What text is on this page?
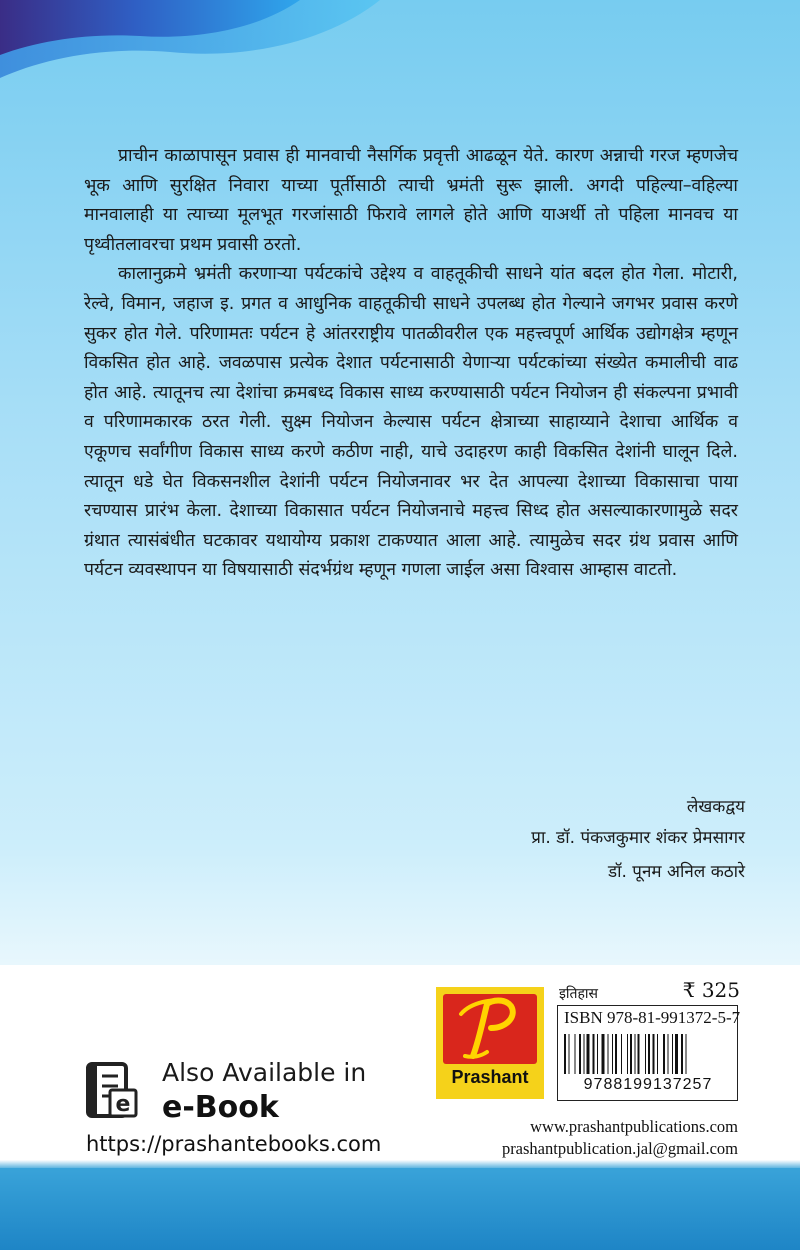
प्राचीन काळापासून प्रवास ही मानवाची नैसर्गिक प्रवृत्ती आढळून येते. कारण अन्नाची गरज म्हणजेच भूक आणि सुरक्षित निवारा याच्या पूर्तीसाठी त्याची भ्रमंती सुरू झाली. अगदी पहिल्या–वहिल्या मानवालाही या त्याच्या मूलभूत गरजांसाठी फिरावे लागले होते आणि याअर्थी तो पहिला मानवच या पृथ्वीतलावरचा प्रथम प्रवासी ठरतो.

कालानुक्रमे भ्रमंती करणाऱ्या पर्यटकांचे उद्देश्य व वाहतूकीची साधने यांत बदल होत गेला. मोटारी, रेल्वे, विमान, जहाज इ. प्रगत व आधुनिक वाहतूकीची साधने उपलब्ध होत गेल्याने जगभर प्रवास करणे सुकर होत गेले. परिणामतः पर्यटन हे आंतरराष्ट्रीय पातळीवरील एक महत्त्वपूर्ण आर्थिक उद्योगक्षेत्र म्हणून विकसित होत आहे. जवळपास प्रत्येक देशात पर्यटनासाठी येणाऱ्या पर्यटकांच्या संख्येत कमालीची वाढ होत आहे. त्यातूनच त्या देशांचा क्रमबध्द विकास साध्य करण्यासाठी पर्यटन नियोजन ही संकल्पना प्रभावी व परिणामकारक ठरत गेली. सुक्ष्म नियोजन केल्यास पर्यटन क्षेत्राच्या साहाय्याने देशाचा आर्थिक व एकूणच सर्वांगीण विकास साध्य करणे कठीण नाही, याचे उदाहरण काही विकसित देशांनी घालून दिले. त्यातून धडे घेत विकसनशील देशांनी पर्यटन नियोजनावर भर देत आपल्या देशाच्या विकासाचा पाया रचण्यास प्रारंभ केला. देशाच्या विकासात पर्यटन नियोजनाचे महत्त्व सिध्द होत असल्याकारणामुळे सदर ग्रंथात त्यासंबंधीत घटकावर यथायोग्य प्रकाश टाकण्यात आला आहे. त्यामुळेच सदर ग्रंथ प्रवास आणि पर्यटन व्यवस्थापन या विषयासाठी संदर्भग्रंथ म्हणून गणला जाईल असा विश्वास आम्हास वाटतो.

लेखकद्वय
प्रा. डॉ. पंकजकुमार शंकर प्रेमसागर
डॉ. पूनम अनिल कठारे
e
Also Available in
e-Book
https://prashantebooks.com
Prashant
इतिहास	₹ 325
ISBN 978-81-991372-5-7
9788199137257
www.prashantpublications.com
prashantpublication.jal@gmail.com
